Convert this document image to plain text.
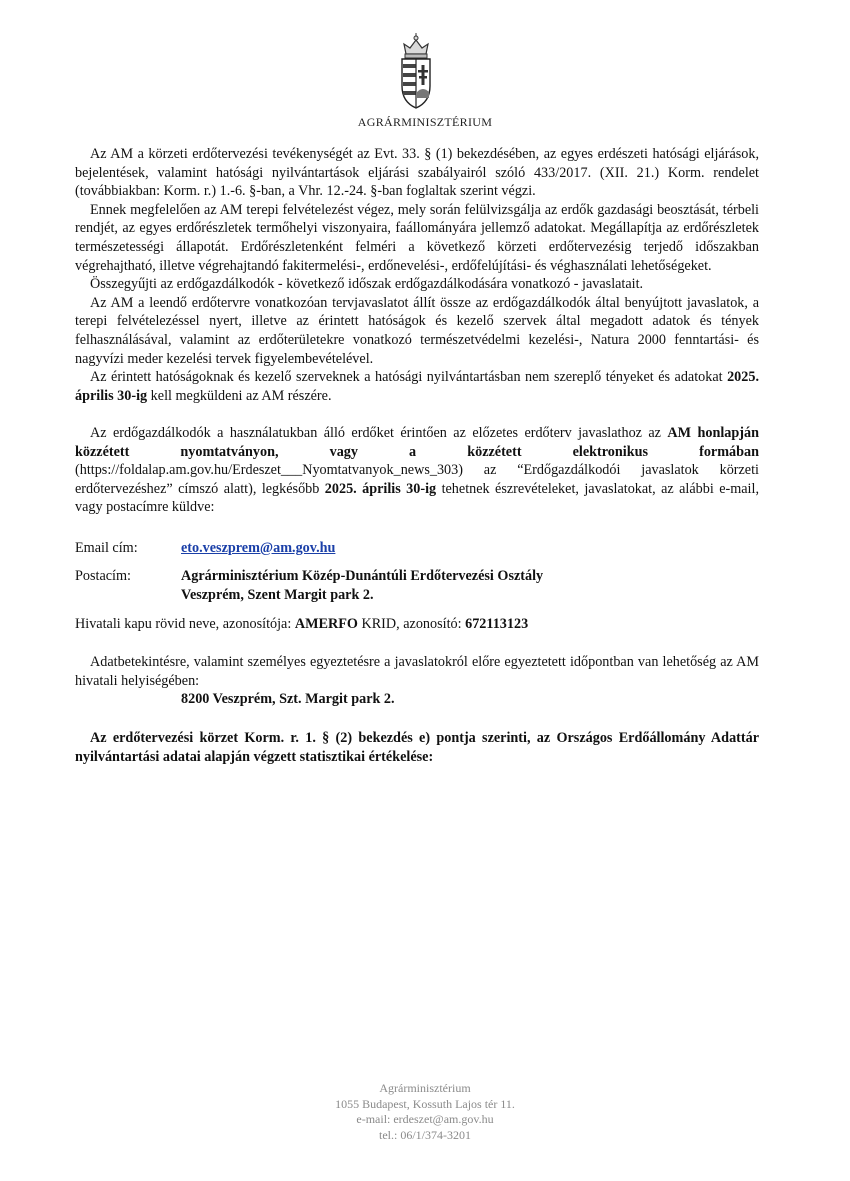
AGRÁRMINISZTÉRIUM

Az AM a körzeti erdőtervezési tevékenységét az Evt. 33. § (1) bekezdésében, az egyes erdészeti hatósági eljárások, bejelentések, valamint hatósági nyilvántartások eljárási szabályairól szóló 433/2017. (XII. 21.) Korm. rendelet (továbbiakban: Korm. r.) 1.-6. §-ban, a Vhr. 12.-24. §-ban foglaltak szerint végzi.

Ennek megfelelően az AM terepi felvételezést végez, mely során felülvizsgálja az erdők gazdasági beosztását, térbeli rendjét, az egyes erdőrészletek termőhelyi viszonyaira, faállományára jellemző adatokat. Megállapítja az erdőrészletek természetességi állapotát. Erdőrészletenként felméri a következő körzeti erdőtervezésig terjedő időszakban végrehajtható, illetve végrehajtandó fakitermelési-, erdőnevelési-, erdőfelújítási- és véghasználati lehetőségeket.

Összegyűjti az erdőgazdálkodók - következő időszak erdőgazdálkodására vonatkozó - javaslatait.

Az AM a leendő erdőtervre vonatkozóan tervjavaslatot állít össze az erdőgazdálkodók által benyújtott javaslatok, a terepi felvételezéssel nyert, illetve az érintett hatóságok és kezelő szervek által megadott adatok és tények felhasználásával, valamint az erdőterületekre vonatkozó természetvédelmi kezelési-, Natura 2000 fenntartási- és nagyvízi meder kezelési tervek figyelembevételével.

Az érintett hatóságoknak és kezelő szerveknek a hatósági nyilvántartásban nem szereplő tényeket és adatokat 2025. április 30-ig kell megküldeni az AM részére.

Az erdőgazdálkodók a használatukban álló erdőket érintően az előzetes erdőterv javaslathoz az AM honlapján közzétett nyomtatványon, vagy a közzétett elektronikus formában (https://foldalap.am.gov.hu/Erdeszet___Nyomtatvanyok_news_303) az “Erdőgazdálkodói javaslatok körzeti erdőtervezéshez” címszó alatt), legkésőbb 2025. április 30-ig tehetnek észrevételeket, javaslatokat, az alábbi e-mail, vagy postacímre küldve:

Email cím:	eto.veszprem@am.gov.hu
Postacím:	Agrárminisztérium Közép-Dunántúli Erdőtervezési Osztály
Veszprém, Szent Margit park 2.

Hivatali kapu rövid neve, azonosítója: AMERFO KRID, azonosító: 672113123

Adatbetekintésre, valamint személyes egyeztetésre a javaslatokról előre egyeztetett időpontban van lehetőség az AM hivatali helyiségében:

8200 Veszprém, Szt. Margit park 2.

Az erdőtervezési körzet Korm. r. 1. § (2) bekezdés e) pontja szerinti, az Országos Erdőállomány Adattár nyilvántartási adatai alapján végzett statisztikai értékelése:

Agrárminisztérium
1055 Budapest, Kossuth Lajos tér 11.
e-mail: erdeszet@am.gov.hu
tel.: 06/1/374-3201
